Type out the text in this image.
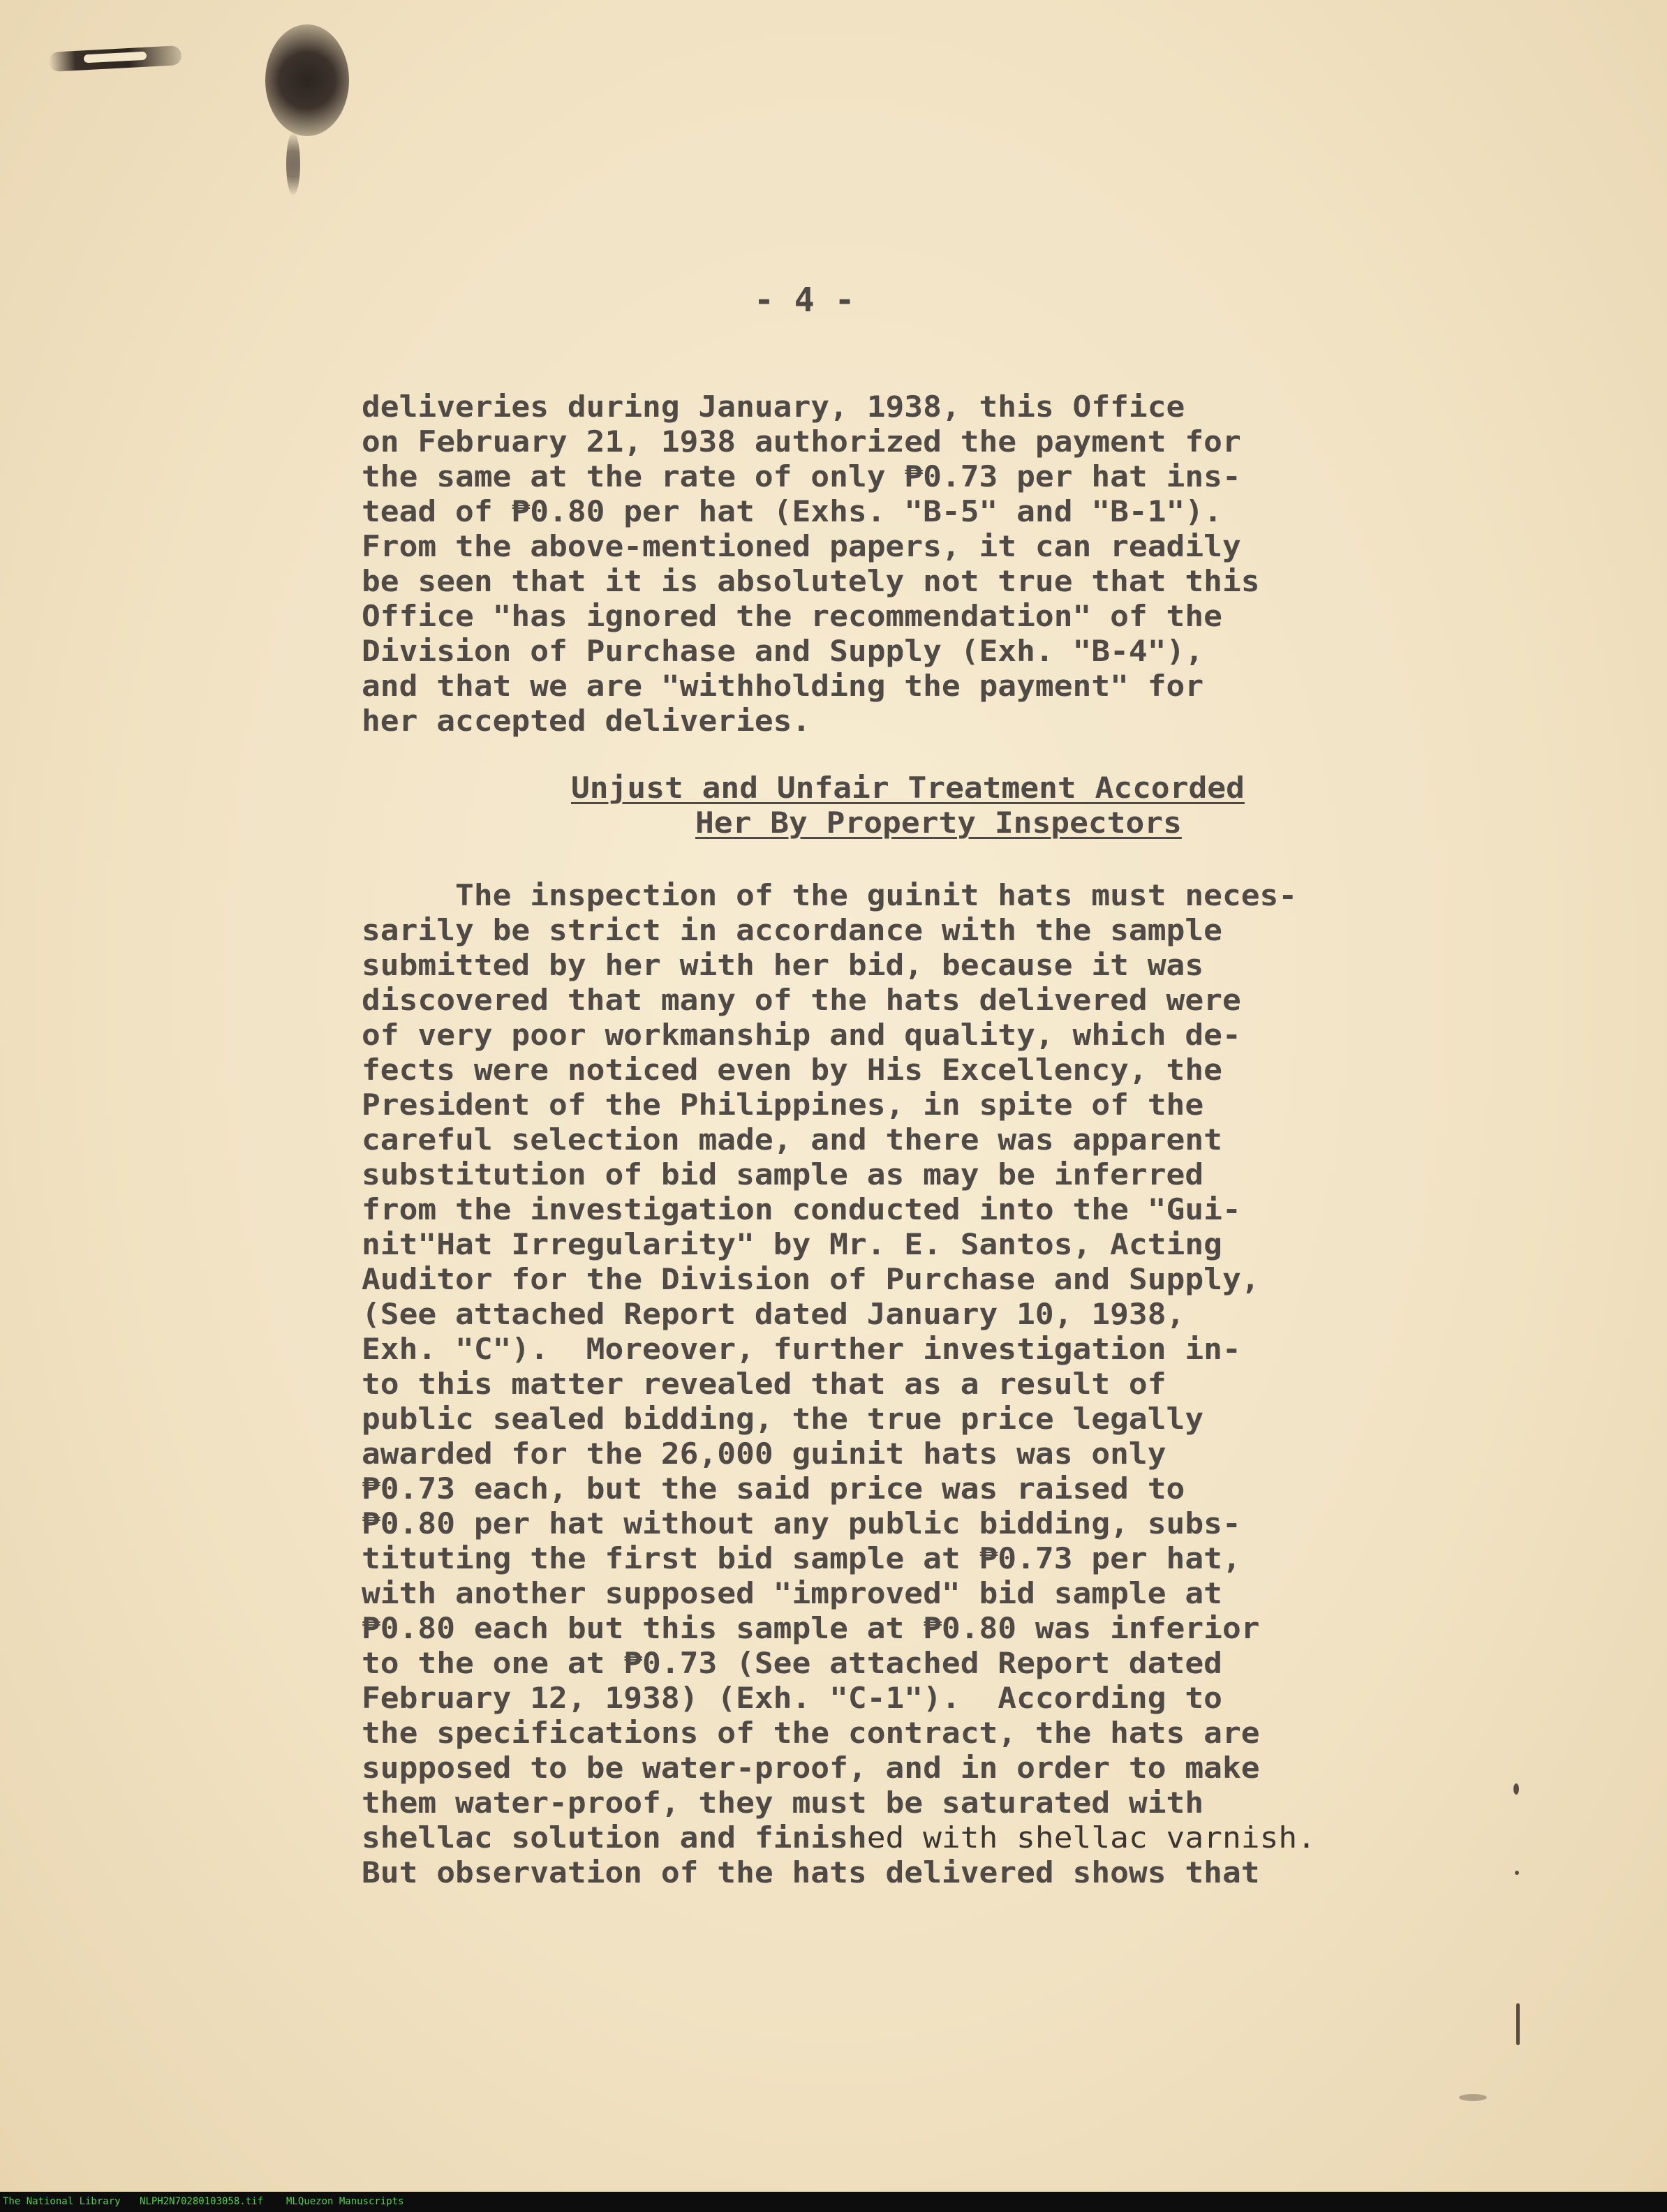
- 4 -
deliveries during January, 1938, this Office
on February 21, 1938 authorized the payment for
the same at the rate of only ₱0.73 per hat ins-
tead of ₱0.80 per hat (Exhs. "B-5" and "B-1").
From the above-mentioned papers, it can readily
be seen that it is absolutely not true that this
Office "has ignored the recommendation" of the
Division of Purchase and Supply (Exh. "B-4"),
and that we are "withholding the payment" for
her accepted deliveries.
Unjust and Unfair Treatment Accorded
Her By Property Inspectors
The inspection of the guinit hats must neces-
sarily be strict in accordance with the sample
submitted by her with her bid, because it was
discovered that many of the hats delivered were
of very poor workmanship and quality, which de-
fects were noticed even by His Excellency, the
President of the Philippines, in spite of the
careful selection made, and there was apparent
substitution of bid sample as may be inferred
from the investigation conducted into the "Gui-
nit"Hat Irregularity" by Mr. E. Santos, Acting
Auditor for the Division of Purchase and Supply,
(See attached Report dated January 10, 1938,
Exh. "C").  Moreover, further investigation in-
to this matter revealed that as a result of
public sealed bidding, the true price legally
awarded for the 26,000 guinit hats was only
₱0.73 each, but the said price was raised to
₱0.80 per hat without any public bidding, subs-
tituting the first bid sample at ₱0.73 per hat,
with another supposed "improved" bid sample at
₱0.80 each but this sample at ₱0.80 was inferior
to the one at ₱0.73 (See attached Report dated
February 12, 1938) (Exh. "C-1").  According to
the specifications of the contract, the hats are
supposed to be water-proof, and in order to make
them water-proof, they must be saturated with
shellac solution and finished with shellac varnish.
But observation of the hats delivered shows that
The National Library NLPH2N70280103058.tif MLQuezon Manuscripts
